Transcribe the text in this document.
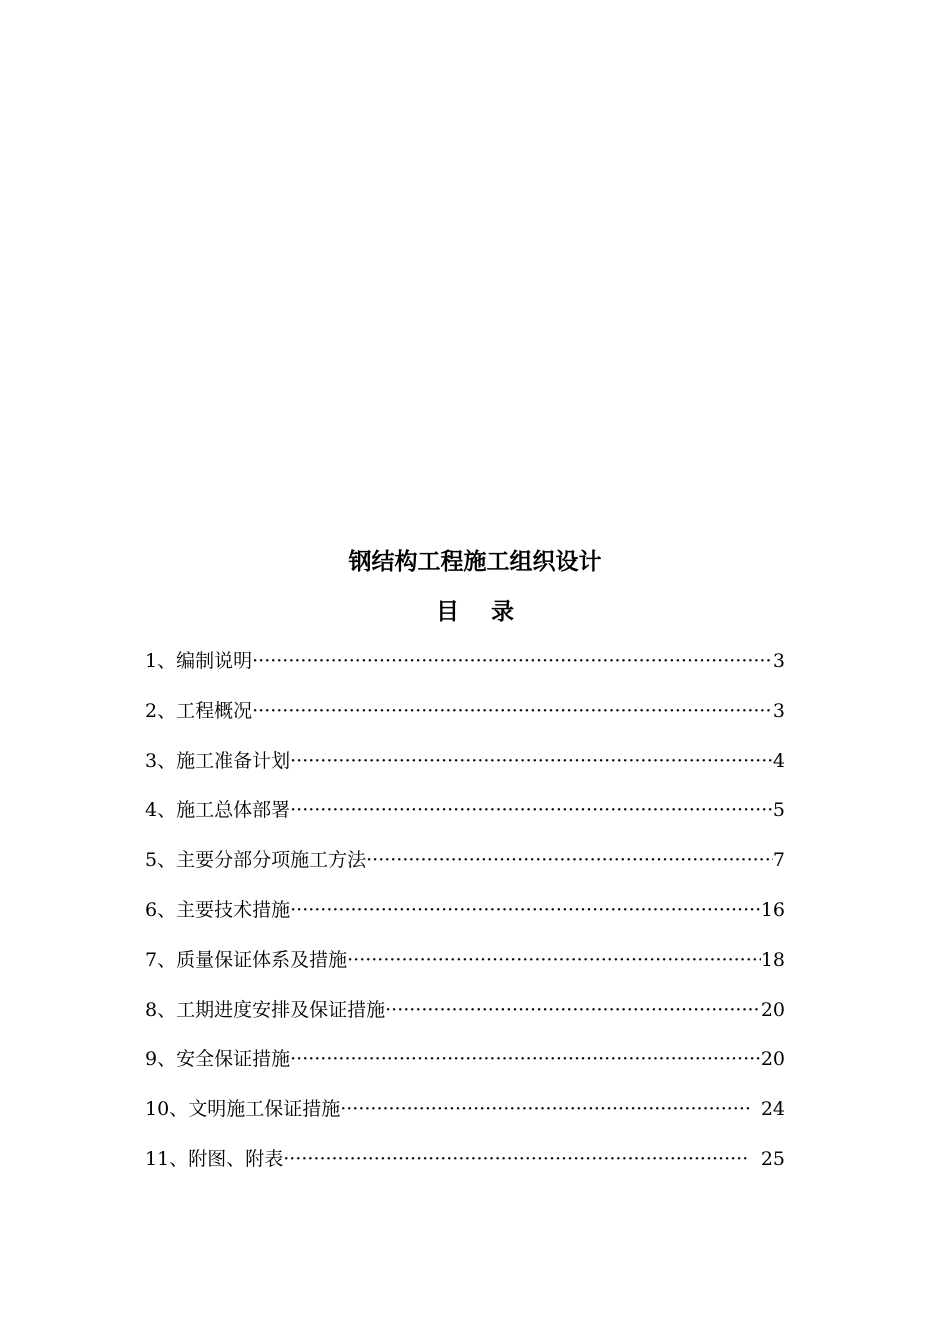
钢结构工程施工组织设计
目 录
1、 编制说明 ·····	3
2、 工程概况 ·····	3
3、 施工准备计划 ·····	4
4、 施工总体部署 ·····	5
5、 主要分部分项施工方法 ·····	7
6、 主要技术措施 ·····	16
7、 质量保证体系及措施 ·····	18
8、 工期进度安排及保证措施 ·····	20
9、 安全保证措施 ·····	20
10、 文明施工保证措施 ·····	24
11、 附图、附表 ·····	25
